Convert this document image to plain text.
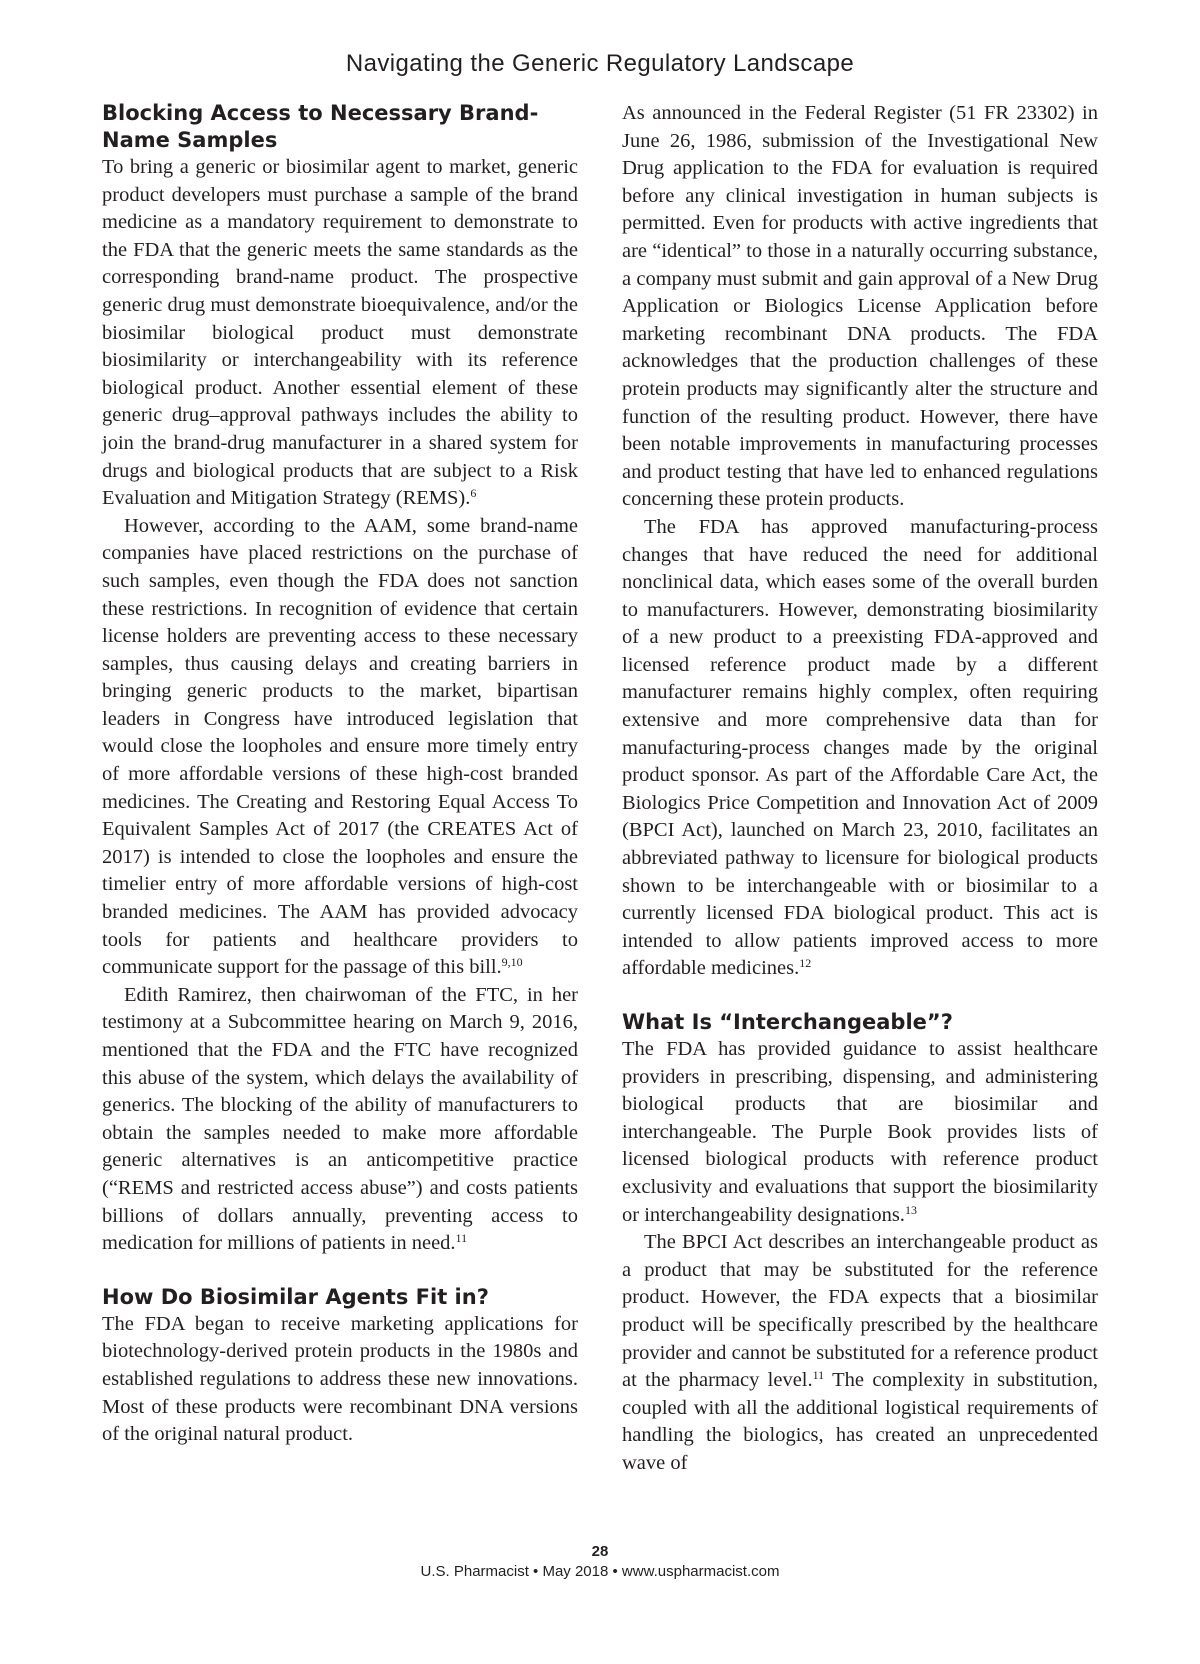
Navigating the Generic Regulatory Landscape
Blocking Access to Necessary Brand-Name Samples

To bring a generic or biosimilar agent to market, generic product developers must purchase a sample of the brand medicine as a mandatory requirement to demonstrate to the FDA that the generic meets the same standards as the corresponding brand-name product. The prospective generic drug must demonstrate bioequivalence, and/or the biosimilar biological product must demonstrate biosimilarity or interchangeability with its reference biological product. Another essential element of these generic drug–approval pathways includes the ability to join the brand-drug manufacturer in a shared system for drugs and biological products that are subject to a Risk Evaluation and Mitigation Strategy (REMS).$^6$

However, according to the AAM, some brand-name companies have placed restrictions on the purchase of such samples, even though the FDA does not sanction these restrictions. In recognition of evidence that certain license holders are preventing access to these necessary samples, thus causing delays and creating barriers in bringing generic products to the market, bipartisan leaders in Congress have introduced legislation that would close the loopholes and ensure more timely entry of more affordable versions of these high-cost branded medicines. The Creating and Restoring Equal Access To Equivalent Samples Act of 2017 (the CREATES Act of 2017) is intended to close the loopholes and ensure the timelier entry of more affordable versions of high-cost branded medicines. The AAM has provided advocacy tools for patients and healthcare providers to communicate support for the passage of this bill.$^{9,10}$

Edith Ramirez, then chairwoman of the FTC, in her testimony at a Subcommittee hearing on March 9, 2016, mentioned that the FDA and the FTC have recognized this abuse of the system, which delays the availability of generics. The blocking of the ability of manufacturers to obtain the samples needed to make more affordable generic alternatives is an anticompetitive practice (“REMS and restricted access abuse”) and costs patients billions of dollars annually, preventing access to medication for millions of patients in need.$^{11}$

How Do Biosimilar Agents Fit in?

The FDA began to receive marketing applications for biotechnology-derived protein products in the 1980s and established regulations to address these new innovations. Most of these products were recombinant DNA versions of the original natural product.

As announced in the Federal Register (51 FR 23302) in June 26, 1986, submission of the Investigational New Drug application to the FDA for evaluation is required before any clinical investigation in human subjects is permitted. Even for products with active ingredients that are “identical” to those in a naturally occurring substance, a company must submit and gain approval of a New Drug Application or Biologics License Application before marketing recombinant DNA products. The FDA acknowledges that the production challenges of these protein products may significantly alter the structure and function of the resulting product. However, there have been notable improvements in manufacturing processes and product testing that have led to enhanced regulations concerning these protein products.

The FDA has approved manufacturing-process changes that have reduced the need for additional nonclinical data, which eases some of the overall burden to manufacturers. However, demonstrating biosimilarity of a new product to a preexisting FDA-approved and licensed reference product made by a different manufacturer remains highly complex, often requiring extensive and more comprehensive data than for manufacturing-process changes made by the original product sponsor. As part of the Affordable Care Act, the Biologics Price Competition and Innovation Act of 2009 (BPCI Act), launched on March 23, 2010, facilitates an abbreviated pathway to licensure for biological products shown to be interchangeable with or biosimilar to a currently licensed FDA biological product. This act is intended to allow patients improved access to more affordable medicines.$^{12}$

What Is “Interchangeable”?

The FDA has provided guidance to assist healthcare providers in prescribing, dispensing, and administering biological products that are biosimilar and interchangeable. The Purple Book provides lists of licensed biological products with reference product exclusivity and evaluations that support the biosimilarity or interchangeability designations.$^{13}$

The BPCI Act describes an interchangeable product as a product that may be substituted for the reference product. However, the FDA expects that a biosimilar product will be specifically prescribed by the healthcare provider and cannot be substituted for a reference product at the pharmacy level.$^{11}$ The complexity in substitution, coupled with all the additional logistical requirements of handling the biologics, has created an unprecedented wave of

28
U.S. Pharmacist • May 2018 • www.uspharmacist.com
